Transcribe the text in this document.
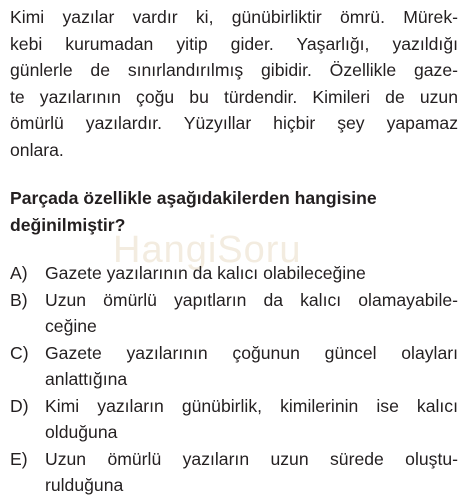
HangiSoru

Kimi yazılar vardır ki, günübirliktir ömrü. Mürek-
kebi kurumadan yitip gider. Yaşarlığı, yazıldığı
günlerle de sınırlandırılmış gibidir. Özellikle gaze-
te yazılarının çoğu bu türdendir. Kimileri de uzun
ömürlü yazılardır. Yüzyıllar hiçbir şey yapamaz
onlara.

Parçada özellikle aşağıdakilerden hangisine
değinilmiştir?

A) Gazete yazılarının da kalıcı olabileceğine
B) Uzun ömürlü yapıtların da kalıcı olamayabile-
ceğine
C) Gazete yazılarının çoğunun güncel olayları
anlattığına
D) Kimi yazıların günübirlik, kimilerinin ise kalıcı
olduğuna
E) Uzun ömürlü yazıların uzun sürede oluştu-
rulduğuna
